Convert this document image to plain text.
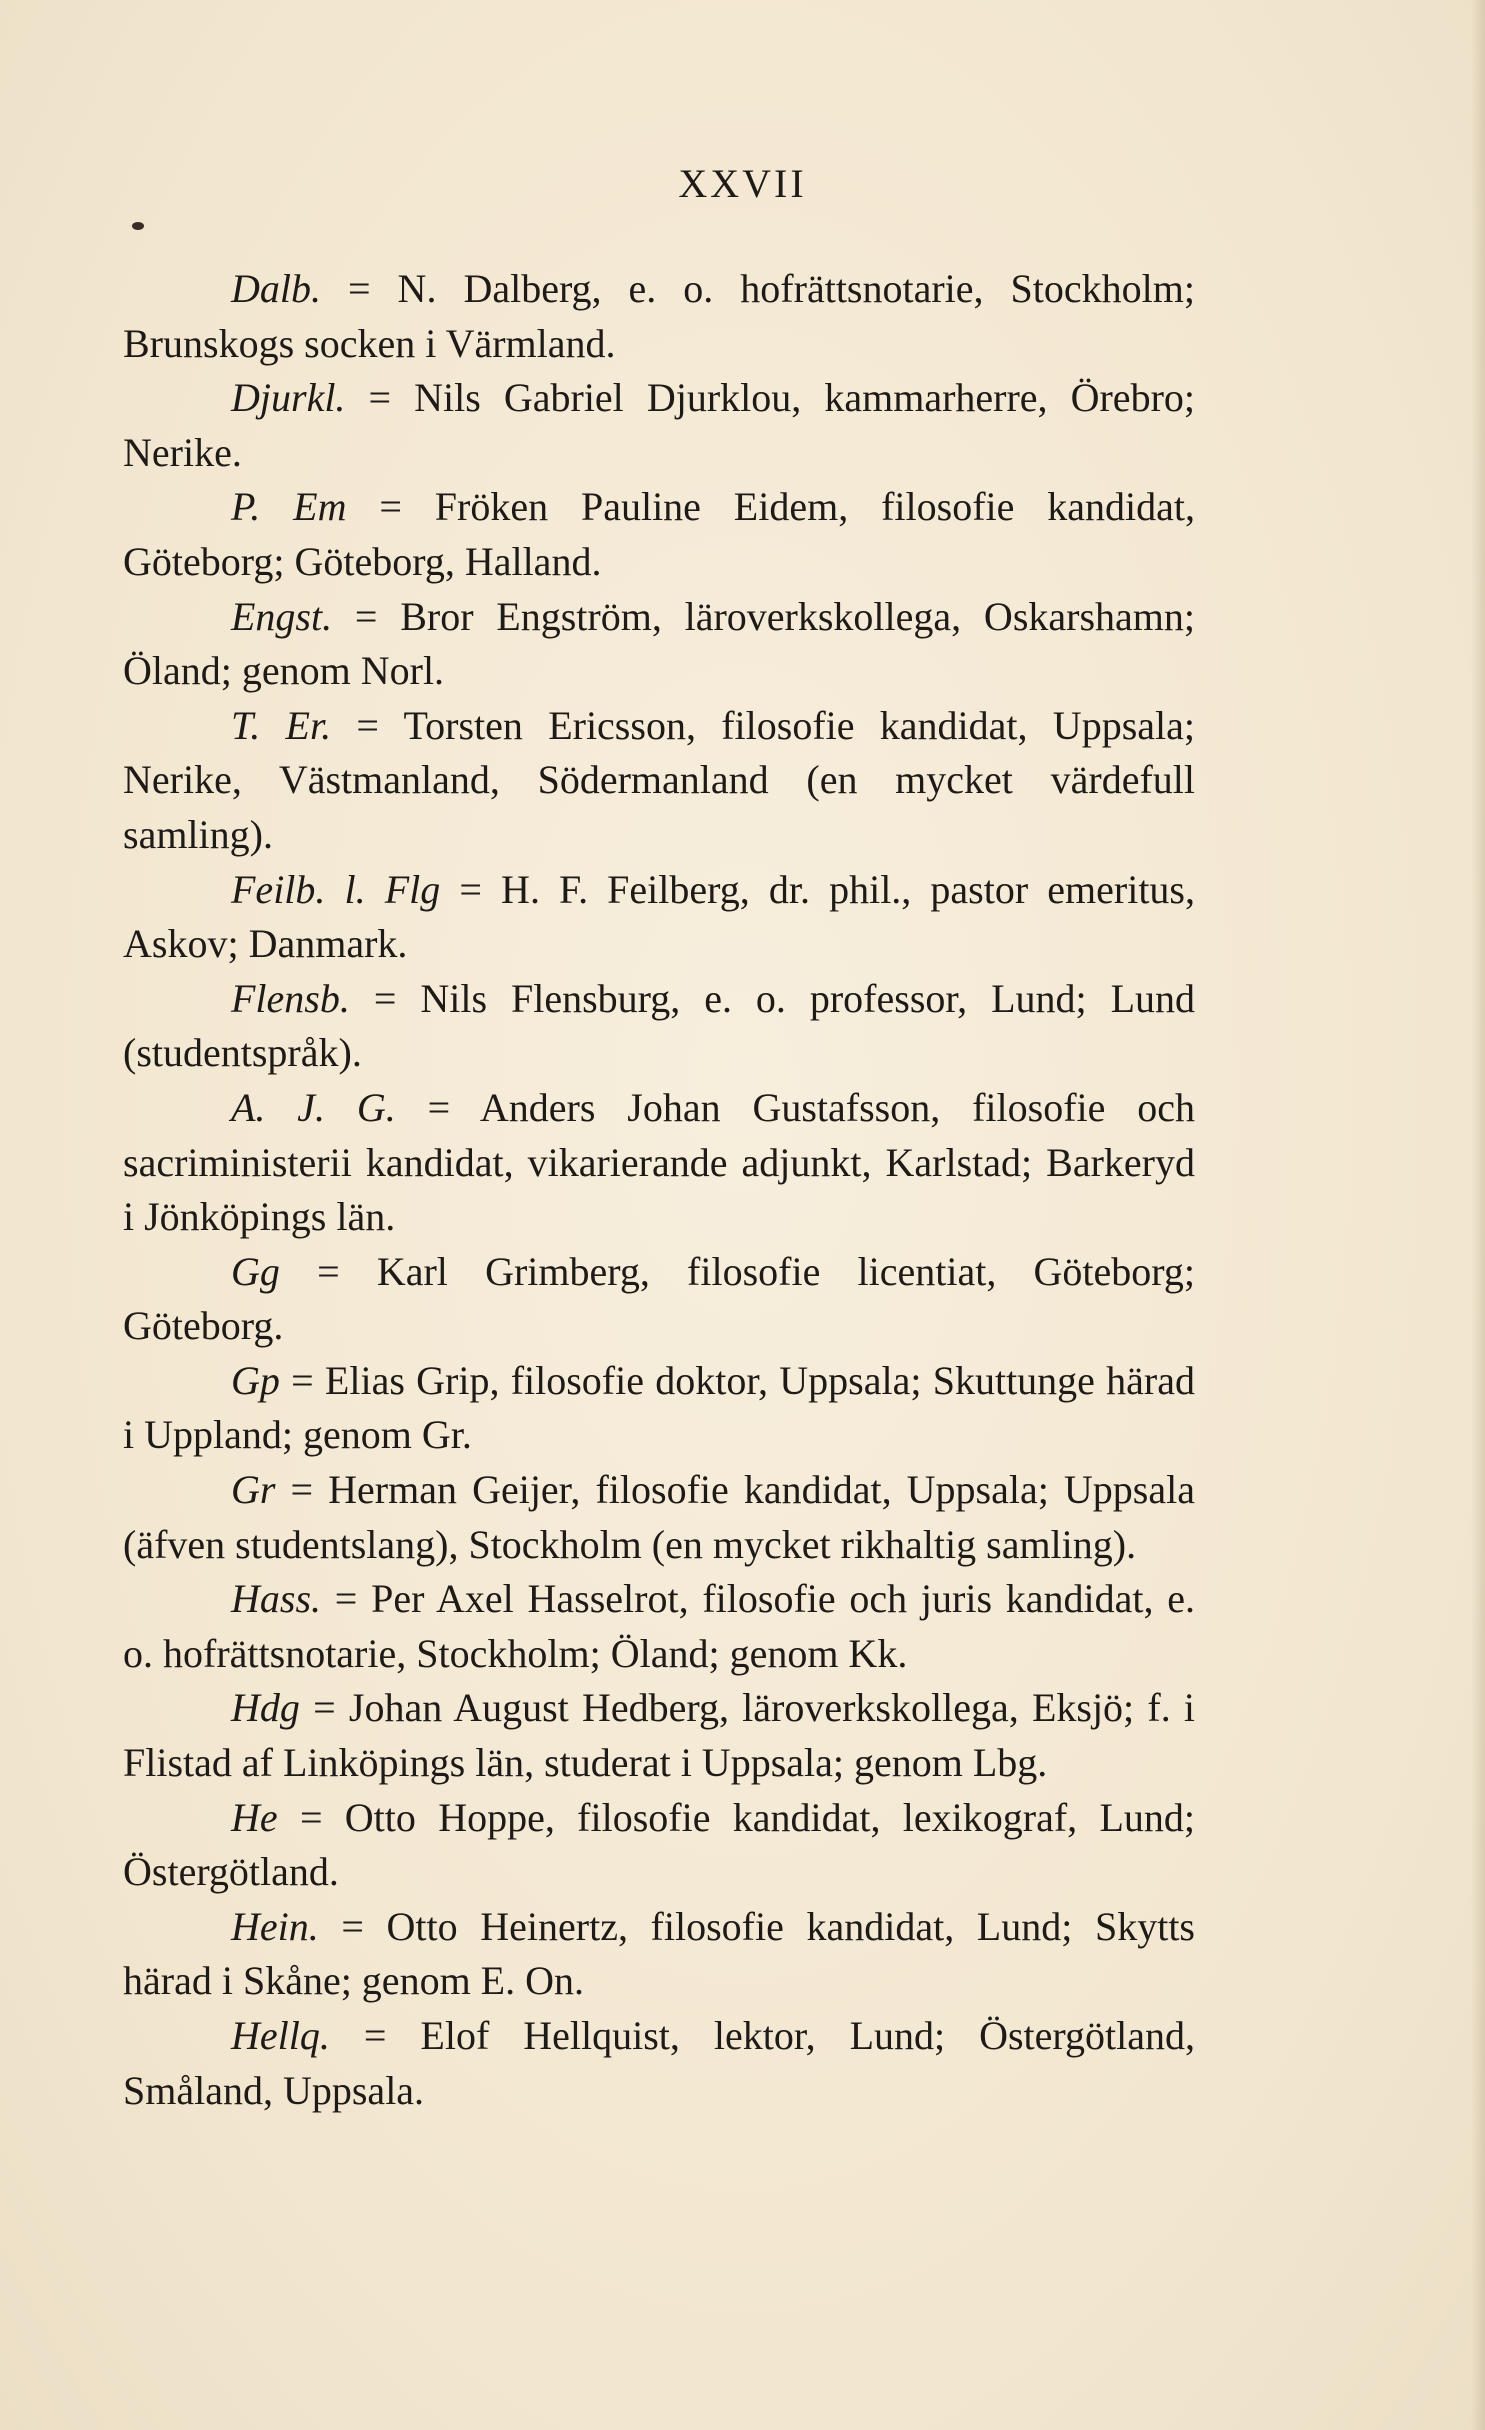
XXVII

Dalb. = N. Dalberg, e. o. hofrättsnotarie, Stockholm; Brunskogs socken i Värmland.

Djurkl. = Nils Gabriel Djurklou, kammarherre, Örebro; Nerike.

P. Em = Fröken Pauline Eidem, filosofie kandidat, Göteborg; Göteborg, Halland.

Engst. = Bror Engström, läroverkskollega, Oskarshamn; Öland; genom Norl.

T. Er. = Torsten Ericsson, filosofie kandidat, Uppsala; Nerike, Västmanland, Södermanland (en mycket värdefull samling).

Feilb. l. Flg = H. F. Feilberg, dr. phil., pastor emeritus, Askov; Danmark.

Flensb. = Nils Flensburg, e. o. professor, Lund; Lund (studentspråk).

A. J. G. = Anders Johan Gustafsson, filosofie och sacriministerii kandidat, vikarierande adjunkt, Karlstad; Barkeryd i Jönköpings län.

Gg = Karl Grimberg, filosofie licentiat, Göteborg; Göteborg.

Gp = Elias Grip, filosofie doktor, Uppsala; Skuttunge härad i Uppland; genom Gr.

Gr = Herman Geijer, filosofie kandidat, Uppsala; Uppsala (äfven studentslang), Stockholm (en mycket rikhaltig samling).

Hass. = Per Axel Hasselrot, filosofie och juris kandidat, e. o. hofrättsnotarie, Stockholm; Öland; genom Kk.

Hdg = Johan August Hedberg, läroverkskollega, Eksjö; f. i Flistad af Linköpings län, studerat i Uppsala; genom Lbg.

He = Otto Hoppe, filosofie kandidat, lexikograf, Lund; Östergötland.

Hein. = Otto Heinertz, filosofie kandidat, Lund; Skytts härad i Skåne; genom E. On.

Hellq. = Elof Hellquist, lektor, Lund; Östergötland, Småland, Uppsala.
